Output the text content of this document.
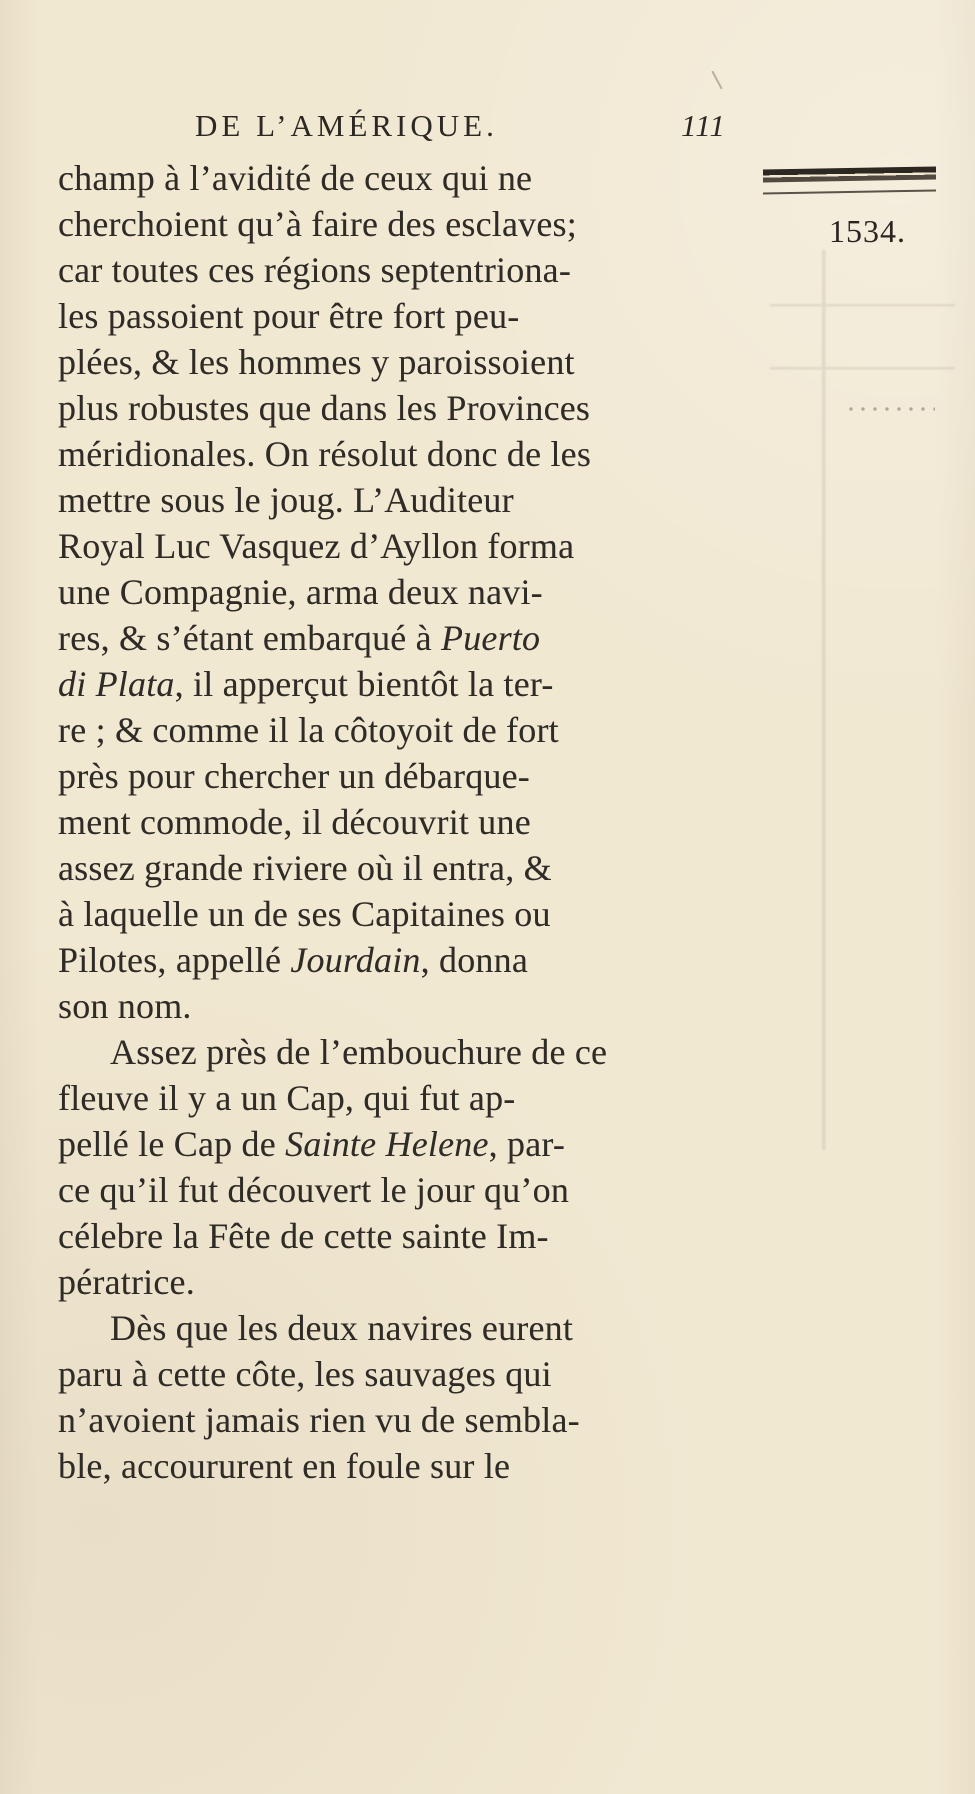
DE L’AMÉRIQUE.	111
1534.
champ à l’avidité de ceux qui ne
cherchoient qu’à faire des esclaves;
car toutes ces régions septentriona-
les passoient pour être fort peu-
plées, & les hommes y paroissoient
plus robustes que dans les Provinces
méridionales. On résolut donc de les
mettre sous le joug. L’Auditeur
Royal Luc Vasquez d’Ayllon forma
une Compagnie, arma deux navi-
res, & s’étant embarqué à Puerto
di Plata, il apperçut bientôt la ter-
re ; & comme il la côtoyoit de fort
près pour chercher un débarque-
ment commode, il découvrit une
assez grande riviere où il entra, &
à laquelle un de ses Capitaines ou
Pilotes, appellé Jourdain, donna
son nom.
Assez près de l’embouchure de ce
fleuve il y a un Cap, qui fut ap-
pellé le Cap de Sainte Helene, par-
ce qu’il fut découvert le jour qu’on
célebre la Fête de cette sainte Im-
pératrice.
Dès que les deux navires eurent
paru à cette côte, les sauvages qui
n’avoient jamais rien vu de sembla-
ble, accoururent en foule sur le
